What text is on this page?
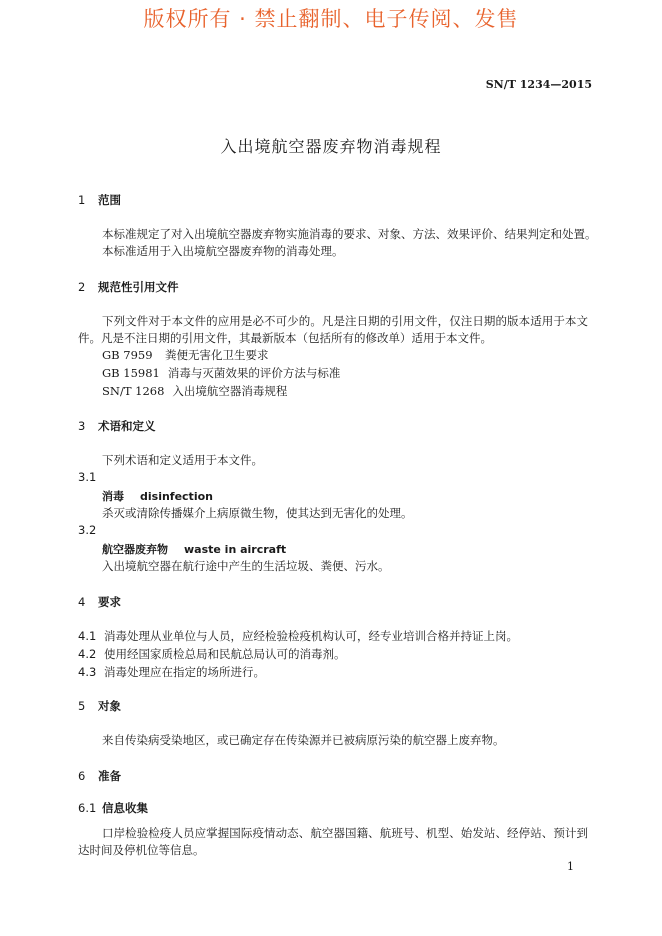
版权所有 · 禁止翻制、电子传阅、发售
SN/T 1234—2015
入出境航空器废弃物消毒规程
1 范围
本标准规定了对入出境航空器废弃物实施消毒的要求、对象、方法、效果评价、结果判定和处置。
本标准适用于入出境航空器废弃物的消毒处理。
2 规范性引用文件
下列文件对于本文件的应用是必不可少的。凡是注日期的引用文件，仅注日期的版本适用于本文件。凡是不注日期的引用文件，其最新版本（包括所有的修改单）适用于本文件。
GB 7959 粪便无害化卫生要求
GB 15981 消毒与灭菌效果的评价方法与标准
SN/T 1268 入出境航空器消毒规程
3 术语和定义
下列术语和定义适用于本文件。
3.1
消毒 disinfection
杀灭或清除传播媒介上病原微生物，使其达到无害化的处理。
3.2
航空器废弃物 waste in aircraft
入出境航空器在航行途中产生的生活垃圾、粪便、污水。
4 要求
4.1 消毒处理从业单位与人员，应经检验检疫机构认可，经专业培训合格并持证上岗。
4.2 使用经国家质检总局和民航总局认可的消毒剂。
4.3 消毒处理应在指定的场所进行。
5 对象
来自传染病受染地区，或已确定存在传染源并已被病原污染的航空器上废弃物。
6 准备
6.1 信息收集
口岸检验检疫人员应掌握国际疫情动态、航空器国籍、航班号、机型、始发站、经停站、预计到达时间及停机位等信息。
1
